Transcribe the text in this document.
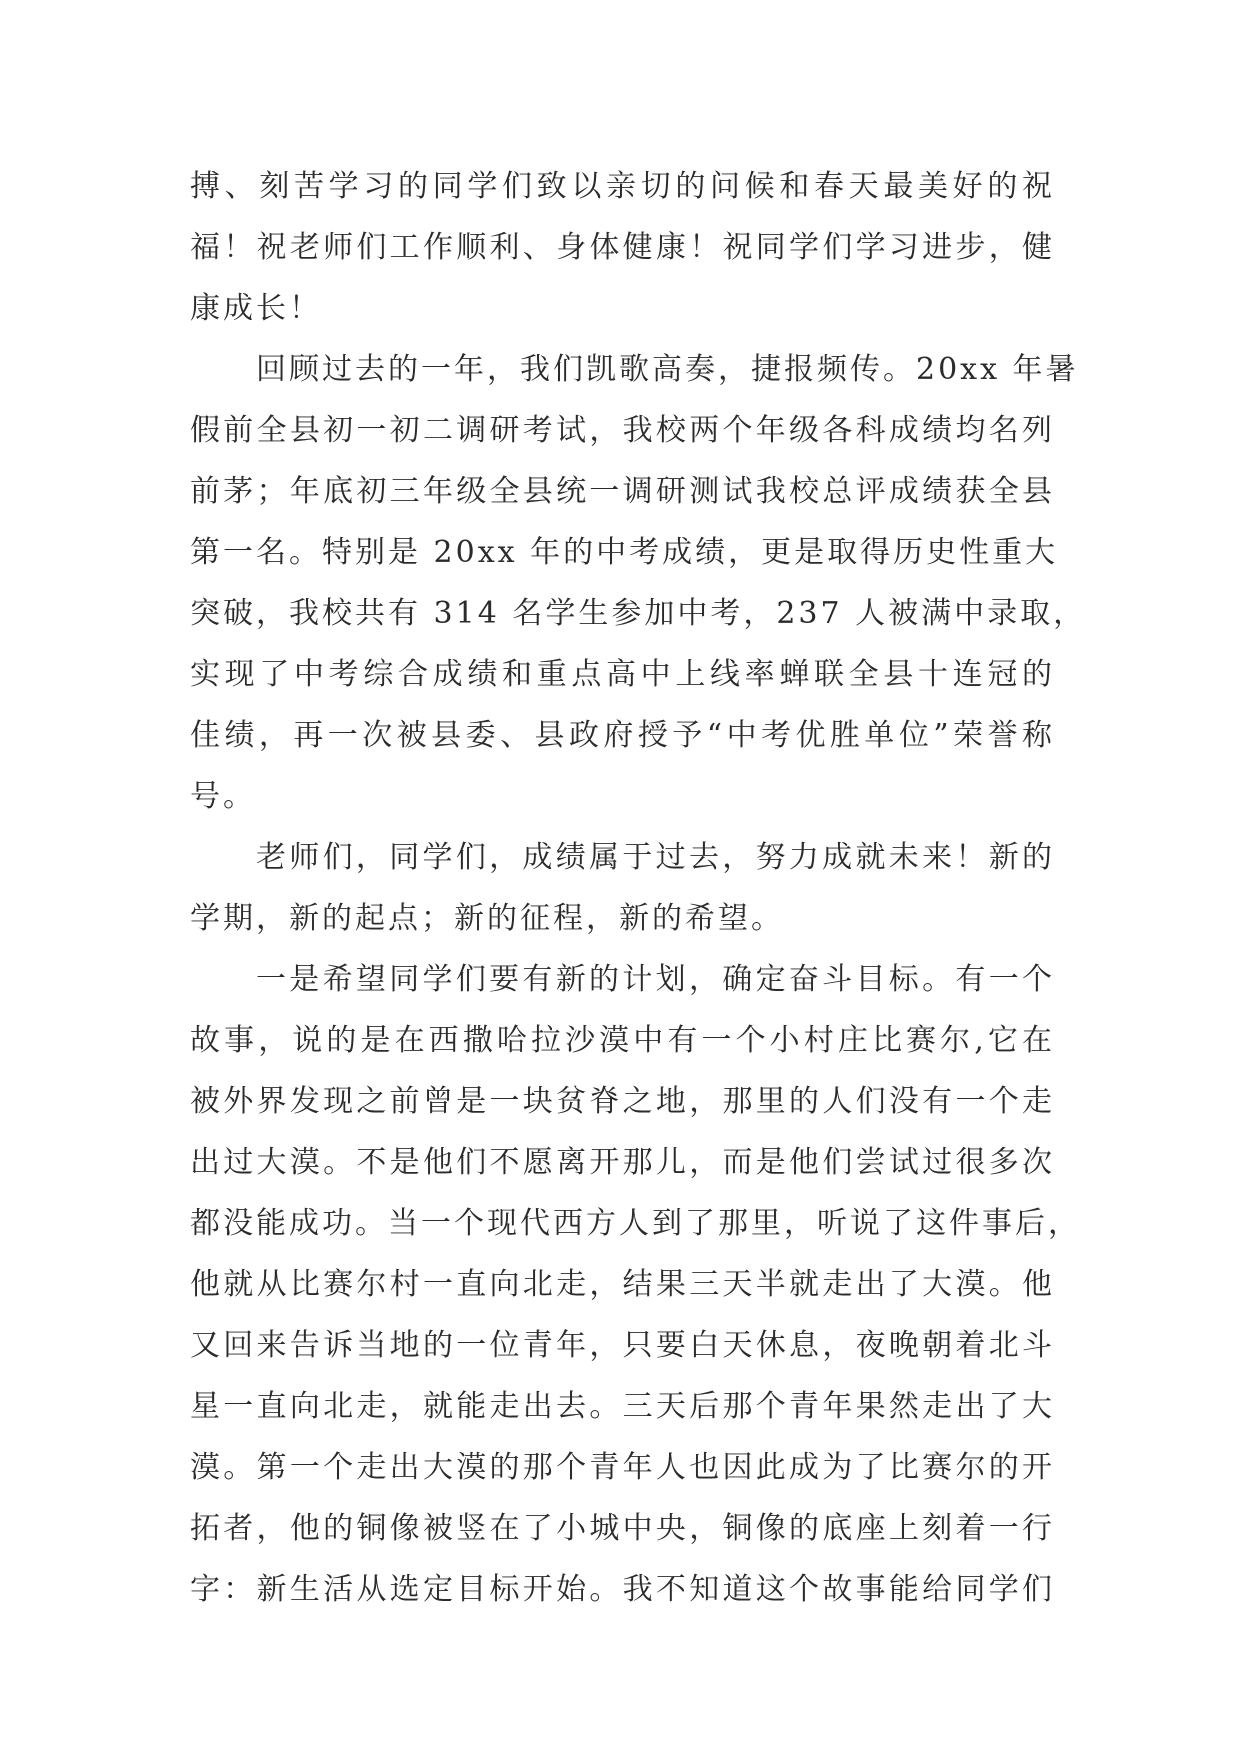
搏、刻苦学习的同学们致以亲切的问候和春天最美好的祝
福！祝老师们工作顺利、身体健康！祝同学们学习进步，健
康成长！
回顾过去的一年，我们凯歌高奏，捷报频传。20xx 年暑
假前全县初一初二调研考试，我校两个年级各科成绩均名列
前茅；年底初三年级全县统一调研测试我校总评成绩获全县
第一名。特别是 20xx 年的中考成绩，更是取得历史性重大
突破，我校共有 314 名学生参加中考，237 人被满中录取，
实现了中考综合成绩和重点高中上线率蝉联全县十连冠的
佳绩，再一次被县委、县政府授予“中考优胜单位”荣誉称
号。
老师们，同学们，成绩属于过去，努力成就未来！新的
学期，新的起点；新的征程，新的希望。
一是希望同学们要有新的计划，确定奋斗目标。有一个
故事，说的是在西撒哈拉沙漠中有一个小村庄比赛尔,它在
被外界发现之前曾是一块贫脊之地，那里的人们没有一个走
出过大漠。不是他们不愿离开那儿，而是他们尝试过很多次
都没能成功。当一个现代西方人到了那里，听说了这件事后，
他就从比赛尔村一直向北走，结果三天半就走出了大漠。他
又回来告诉当地的一位青年，只要白天休息，夜晚朝着北斗
星一直向北走，就能走出去。三天后那个青年果然走出了大
漠。第一个走出大漠的那个青年人也因此成为了比赛尔的开
拓者，他的铜像被竖在了小城中央，铜像的底座上刻着一行
字：新生活从选定目标开始。我不知道这个故事能给同学们
